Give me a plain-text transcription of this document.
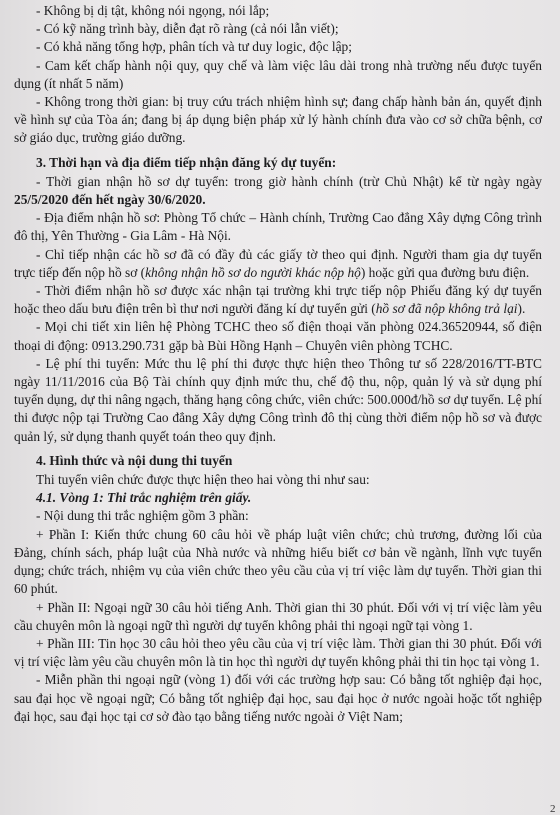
- Không bị dị tật, không nói ngọng, nói lắp;

- Có kỹ năng trình bày, diễn đạt rõ ràng (cả nói lẫn viết);

- Có khả năng tổng hợp, phân tích và tư duy logic, độc lập;

- Cam kết chấp hành nội quy, quy chế và làm việc lâu dài trong nhà trường nếu được tuyển dụng (ít nhất 5 năm)

- Không trong thời gian: bị truy cứu trách nhiệm hình sự; đang chấp hành bản án, quyết định về hình sự của Tòa án; đang bị áp dụng biện pháp xử lý hành chính đưa vào cơ sở chữa bệnh, cơ sở giáo dục, trường giáo dưỡng.

3. Thời hạn và địa điểm tiếp nhận đăng ký dự tuyển:

- Thời gian nhận hồ sơ dự tuyển: trong giờ hành chính (trừ Chủ Nhật) kể từ ngày ngày 25/5/2020 đến hết ngày 30/6/2020.

- Địa điểm nhận hồ sơ: Phòng Tổ chức – Hành chính, Trường Cao đẳng Xây dựng Công trình đô thị, Yên Thường - Gia Lâm - Hà Nội.

- Chỉ tiếp nhận các hồ sơ đã có đầy đủ các giấy tờ theo qui định. Người tham gia dự tuyển trực tiếp đến nộp hồ sơ (không nhận hồ sơ do người khác nộp hộ) hoặc gửi qua đường bưu điện.

- Thời điểm nhận hồ sơ được xác nhận tại trường khi trực tiếp nộp Phiếu đăng ký dự tuyển hoặc theo dấu bưu điện trên bì thư nơi người đăng kí dự tuyển gửi (hồ sơ đã nộp không trả lại).

- Mọi chi tiết xin liên hệ Phòng TCHC theo số điện thoại văn phòng 024.36520944, số điện thoại di động: 0913.290.731 gặp bà Bùi Hồng Hạnh – Chuyên viên phòng TCHC.

- Lệ phí thi tuyển: Mức thu lệ phí thi được thực hiện theo Thông tư số 228/2016/TT-BTC ngày 11/11/2016 của Bộ Tài chính quy định mức thu, chế độ thu, nộp, quản lý và sử dụng phí tuyển dụng, dự thi nâng ngạch, thăng hạng công chức, viên chức: 500.000đ/hồ sơ dự tuyển. Lệ phí thi được nộp tại Trường Cao đẳng Xây dựng Công trình đô thị cùng thời điểm nộp hồ sơ và được quản lý, sử dụng thanh quyết toán theo quy định.

4. Hình thức và nội dung thi tuyển

Thi tuyển viên chức được thực hiện theo hai vòng thi như sau:

4.1. Vòng 1: Thi trắc nghiệm trên giấy.

- Nội dung thi trắc nghiệm gồm 3 phần:

+ Phần I: Kiến thức chung 60 câu hỏi về pháp luật viên chức; chủ trương, đường lối của Đảng, chính sách, pháp luật của Nhà nước và những hiểu biết cơ bản về ngành, lĩnh vực tuyển dụng; chức trách, nhiệm vụ của viên chức theo yêu cầu của vị trí việc làm dự tuyển. Thời gian thi 60 phút.

+ Phần II: Ngoại ngữ 30 câu hỏi tiếng Anh. Thời gian thi 30 phút. Đối với vị trí việc làm yêu cầu chuyên môn là ngoại ngữ thì người dự tuyển không phải thi ngoại ngữ tại vòng 1.

+ Phần III: Tin học 30 câu hỏi theo yêu cầu của vị trí việc làm. Thời gian thi 30 phút. Đối với vị trí việc làm yêu cầu chuyên môn là tin học thì người dự tuyển không phải thi tin học tại vòng 1.

- Miễn phần thi ngoại ngữ (vòng 1) đối với các trường hợp sau: Có bằng tốt nghiệp đại học, sau đại học về ngoại ngữ; Có bằng tốt nghiệp đại học, sau đại học ở nước ngoài hoặc tốt nghiệp đại học, sau đại học tại cơ sở đào tạo bằng tiếng nước ngoài ở Việt Nam;

2
